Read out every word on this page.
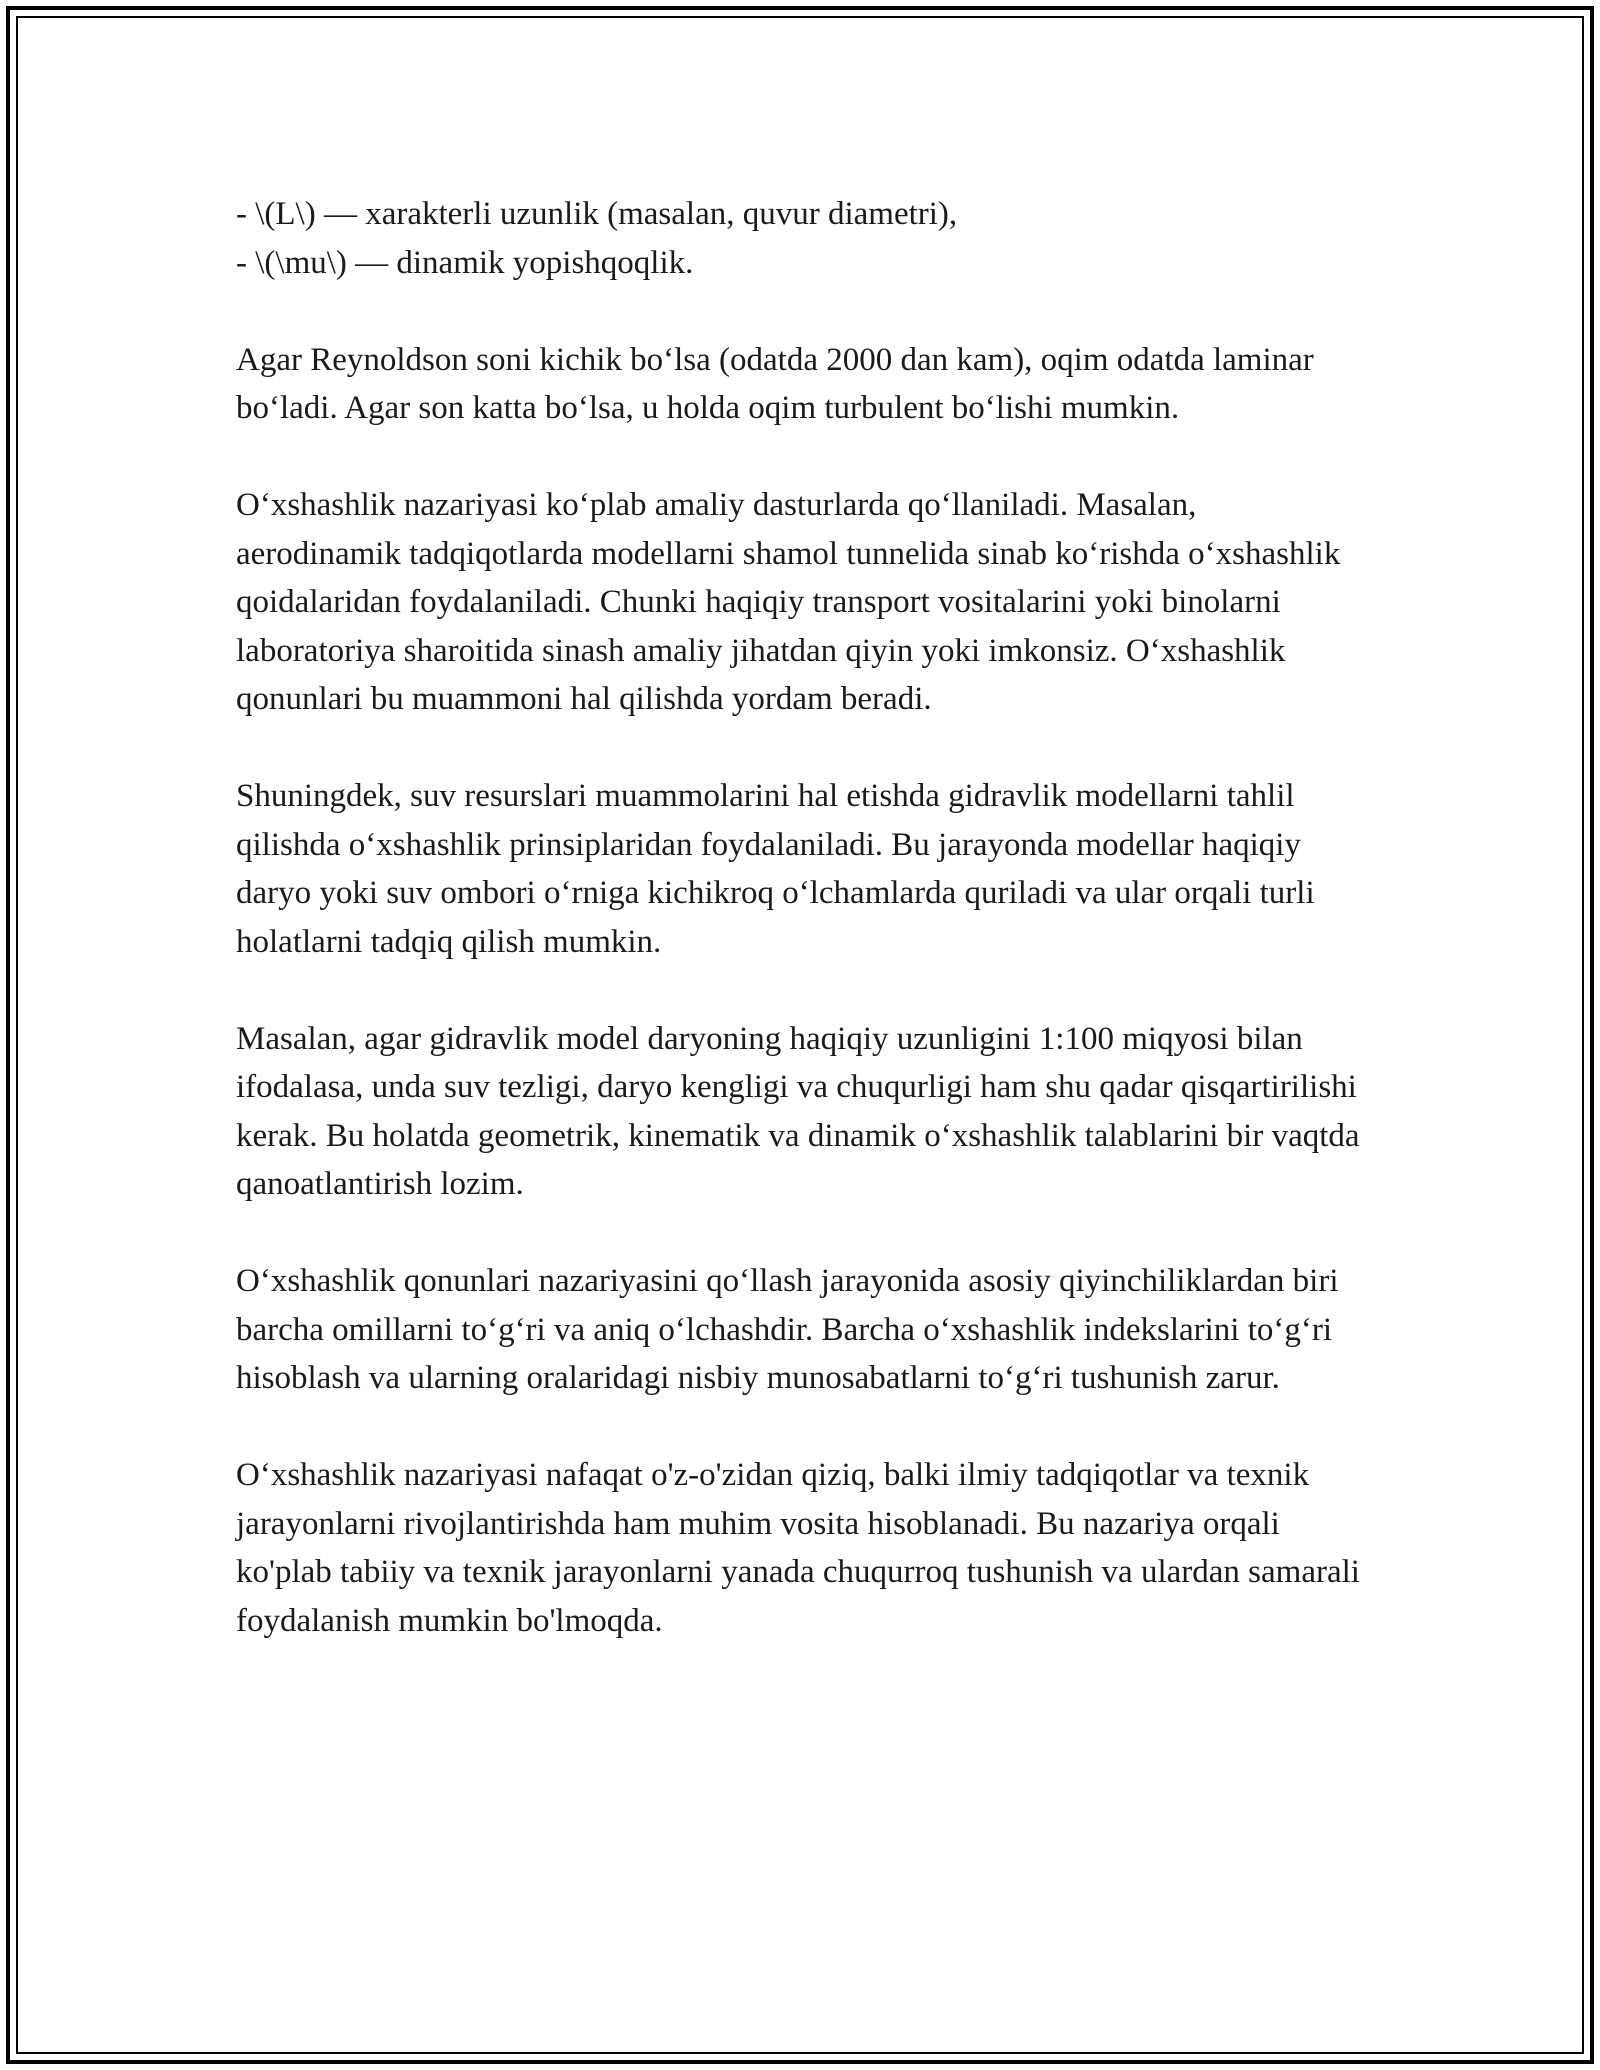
- \(L\) — xarakterli uzunlik (masalan, quvur diametri),

- \(\mu\) — dinamik yopishqoqlik.

Agar Reynoldson soni kichik bo‘lsa (odatda 2000 dan kam), oqim odatda laminar bo‘ladi. Agar son katta bo‘lsa, u holda oqim turbulent bo‘lishi mumkin.

O‘xshashlik nazariyasi ko‘plab amaliy dasturlarda qo‘llaniladi. Masalan, aerodinamik tadqiqotlarda modellarni shamol tunnelida sinab ko‘rishda o‘xshashlik qoidalaridan foydalaniladi. Chunki haqiqiy transport vositalarini yoki binolarni laboratoriya sharoitida sinash amaliy jihatdan qiyin yoki imkonsiz. O‘xshashlik qonunlari bu muammoni hal qilishda yordam beradi.

Shuningdek, suv resurslari muammolarini hal etishda gidravlik modellarni tahlil qilishda o‘xshashlik prinsiplaridan foydalaniladi. Bu jarayonda modellar haqiqiy daryo yoki suv ombori o‘rniga kichikroq o‘lchamlarda quriladi va ular orqali turli holatlarni tadqiq qilish mumkin.

Masalan, agar gidravlik model daryoning haqiqiy uzunligini 1:100 miqyosi bilan ifodalasa, unda suv tezligi, daryo kengligi va chuqurligi ham shu qadar qisqartirilishi kerak. Bu holatda geometrik, kinematik va dinamik o‘xshashlik talablarini bir vaqtda qanoatlantirish lozim.

O‘xshashlik qonunlari nazariyasini qo‘llash jarayonida asosiy qiyinchiliklardan biri barcha omillarni to‘g‘ri va aniq o‘lchashdir. Barcha o‘xshashlik indekslarini to‘g‘ri hisoblash va ularning oralaridagi nisbiy munosabatlarni to‘g‘ri tushunish zarur.

O‘xshashlik nazariyasi nafaqat o'z-o'zidan qiziq, balki ilmiy tadqiqotlar va texnik jarayonlarni rivojlantirishda ham muhim vosita hisoblanadi. Bu nazariya orqali ko'plab tabiiy va texnik jarayonlarni yanada chuqurroq tushunish va ulardan samarali foydalanish mumkin bo'lmoqda.
